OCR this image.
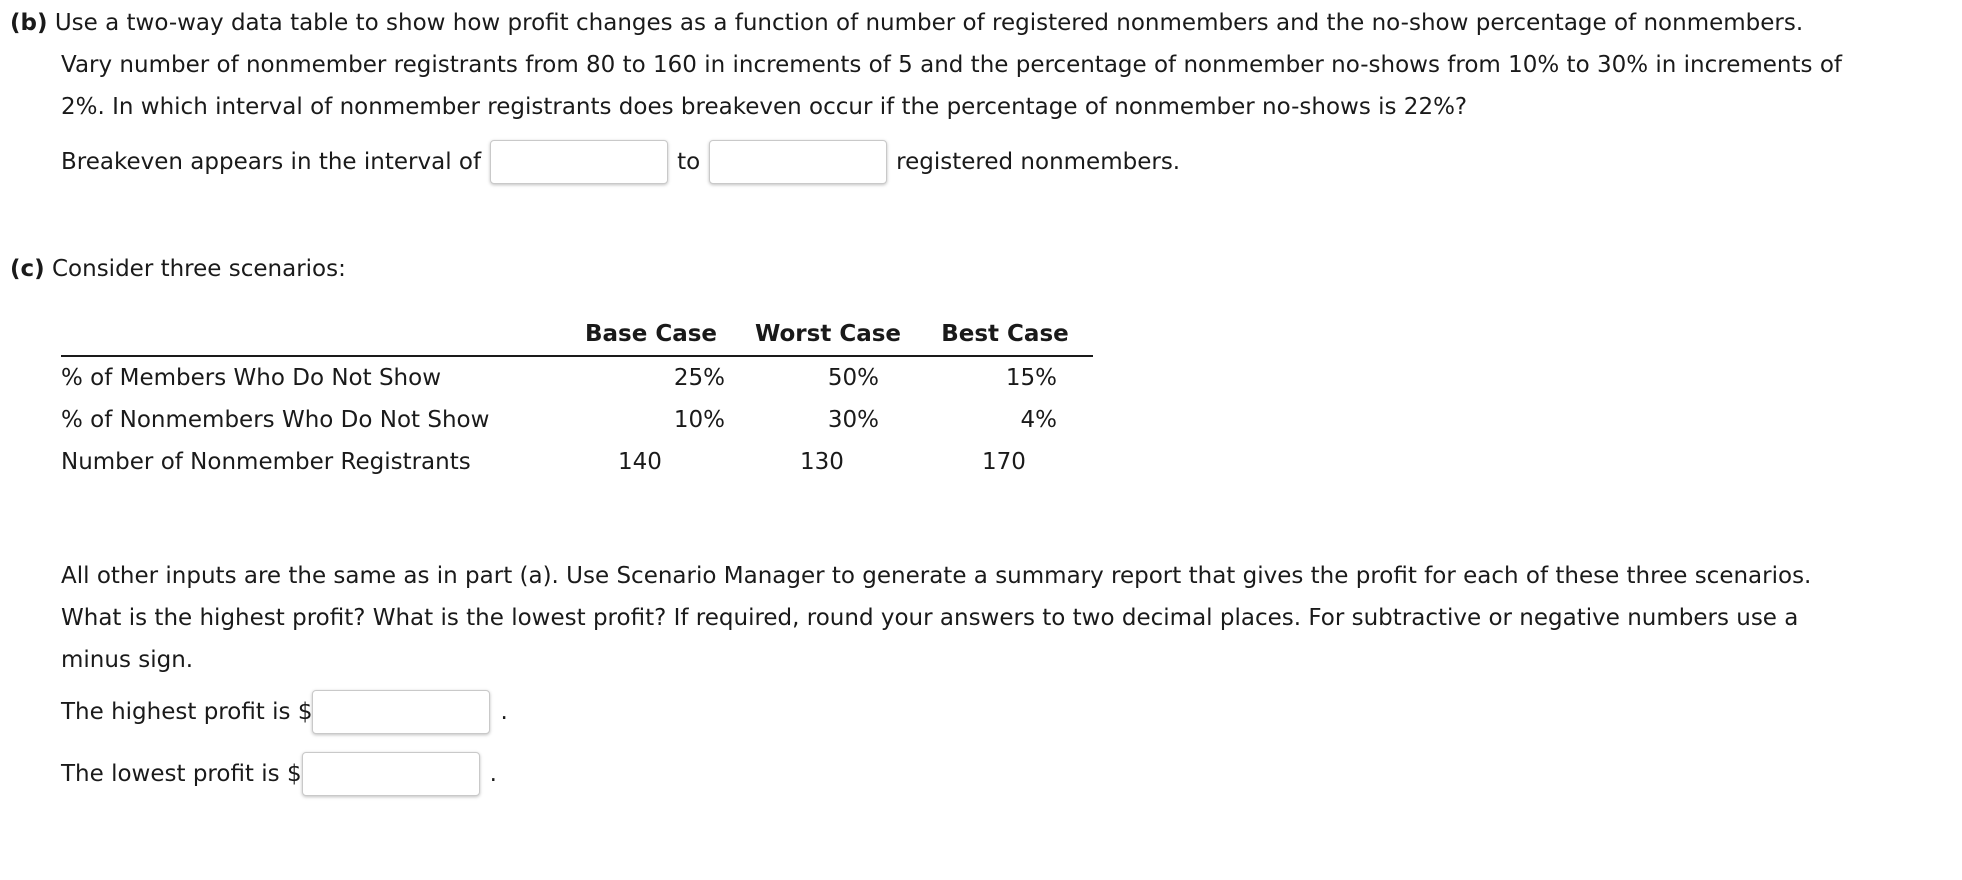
(b) Use a two-way data table to show how profit changes as a function of number of registered nonmembers and the no-show percentage of nonmembers.
Vary number of nonmember registrants from 80 to 160 in increments of 5 and the percentage of nonmember no-shows from 10% to 30% in increments of
2%. In which interval of nonmember registrants does breakeven occur if the percentage of nonmember no-shows is 22%?
Breakeven appears in the interval of	to	registered nonmembers.
(c) Consider three scenarios:
	Base Case	Worst Case	Best Case
% of Members Who Do Not Show	25%	50%	15%
% of Nonmembers Who Do Not Show	10%	30%	4%
Number of Nonmember Registrants	140	130	170
All other inputs are the same as in part (a). Use Scenario Manager to generate a summary report that gives the profit for each of these three scenarios.
What is the highest profit? What is the lowest profit? If required, round your answers to two decimal places. For subtractive or negative numbers use a
minus sign.
The highest profit is $	.
The lowest profit is $	.
